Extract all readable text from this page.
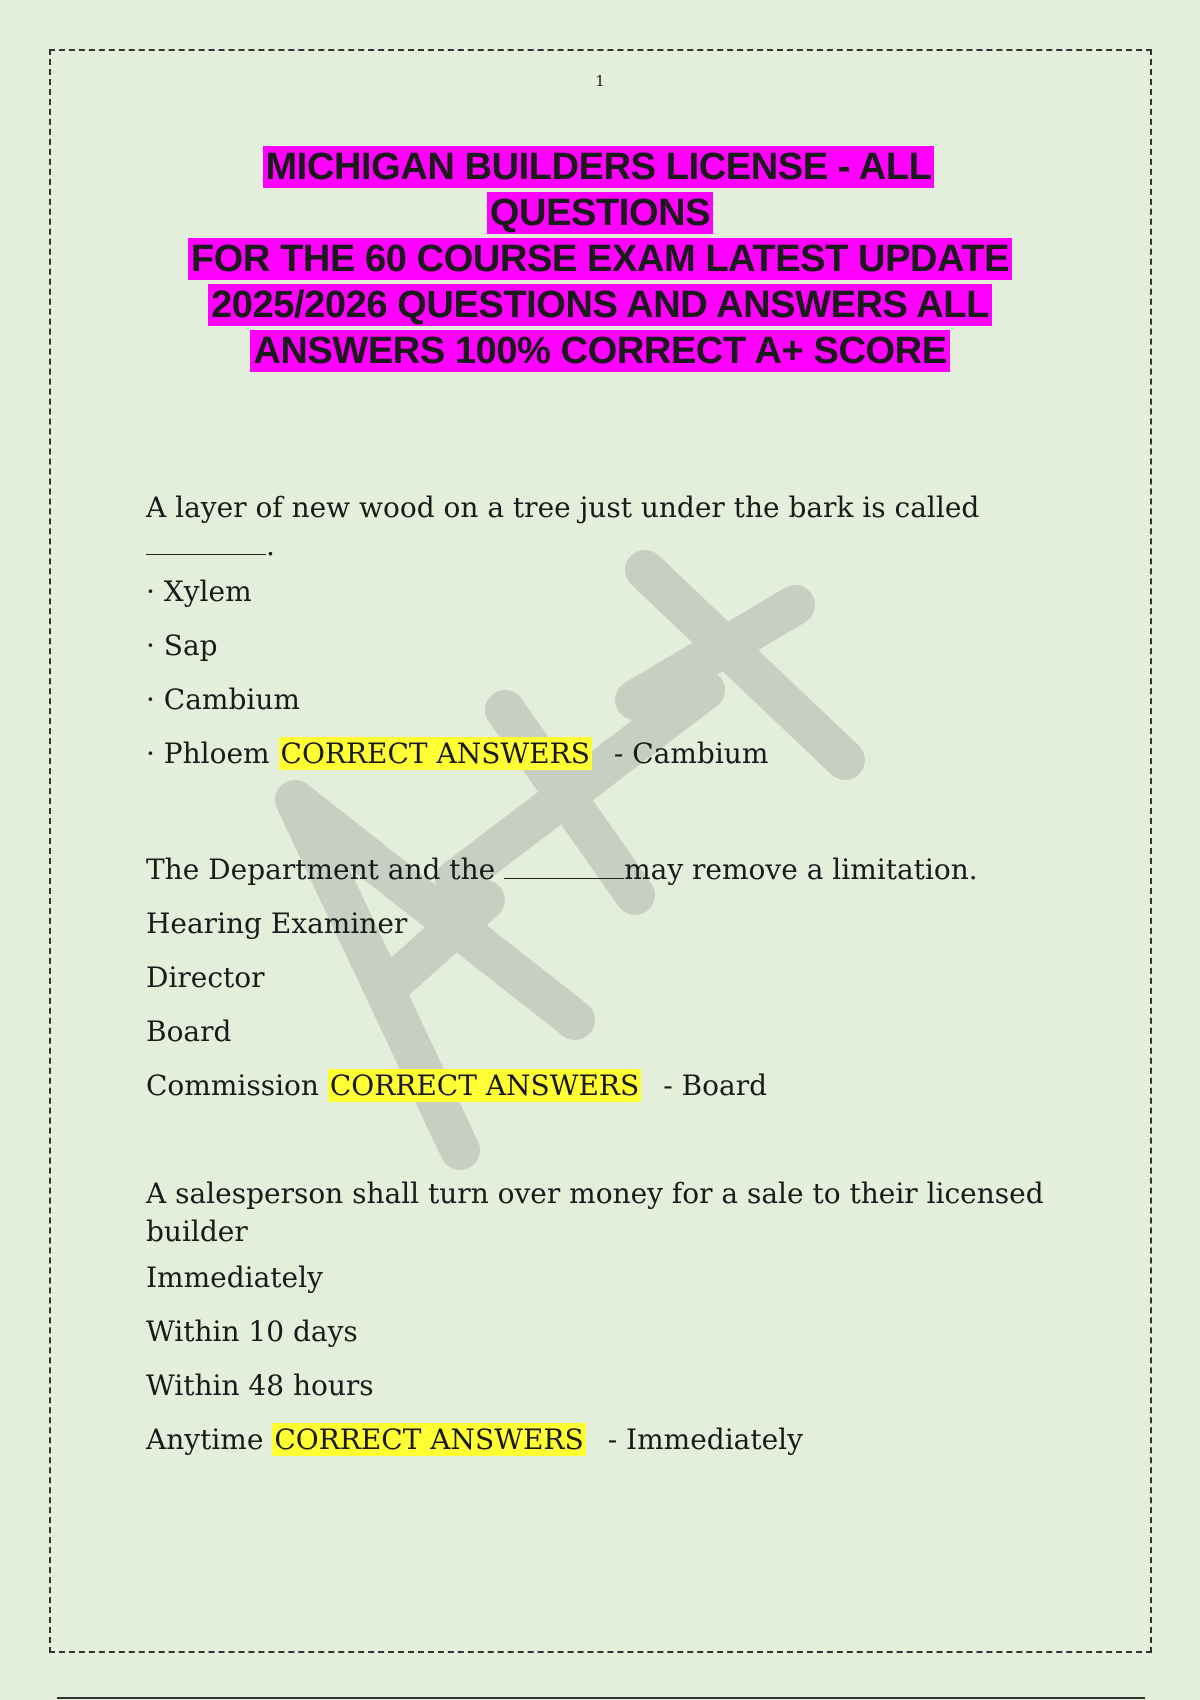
1
MICHIGAN BUILDERS LICENSE - ALL QUESTIONS
FOR THE 60 COURSE EXAM LATEST UPDATE
2025/2026 QUESTIONS AND ANSWERS ALL
ANSWERS 100% CORRECT A+ SCORE
A layer of new wood on a tree just under the bark is called
.
· Xylem
· Sap
· Cambium
· Phloem CORRECT ANSWERS - Cambium
The Department and the	may remove a limitation.
Hearing Examiner
Director
Board
Commission CORRECT ANSWERS - Board
A salesperson shall turn over money for a sale to their licensed
builder
Immediately
Within 10 days
Within 48 hours
Anytime CORRECT ANSWERS - Immediately
